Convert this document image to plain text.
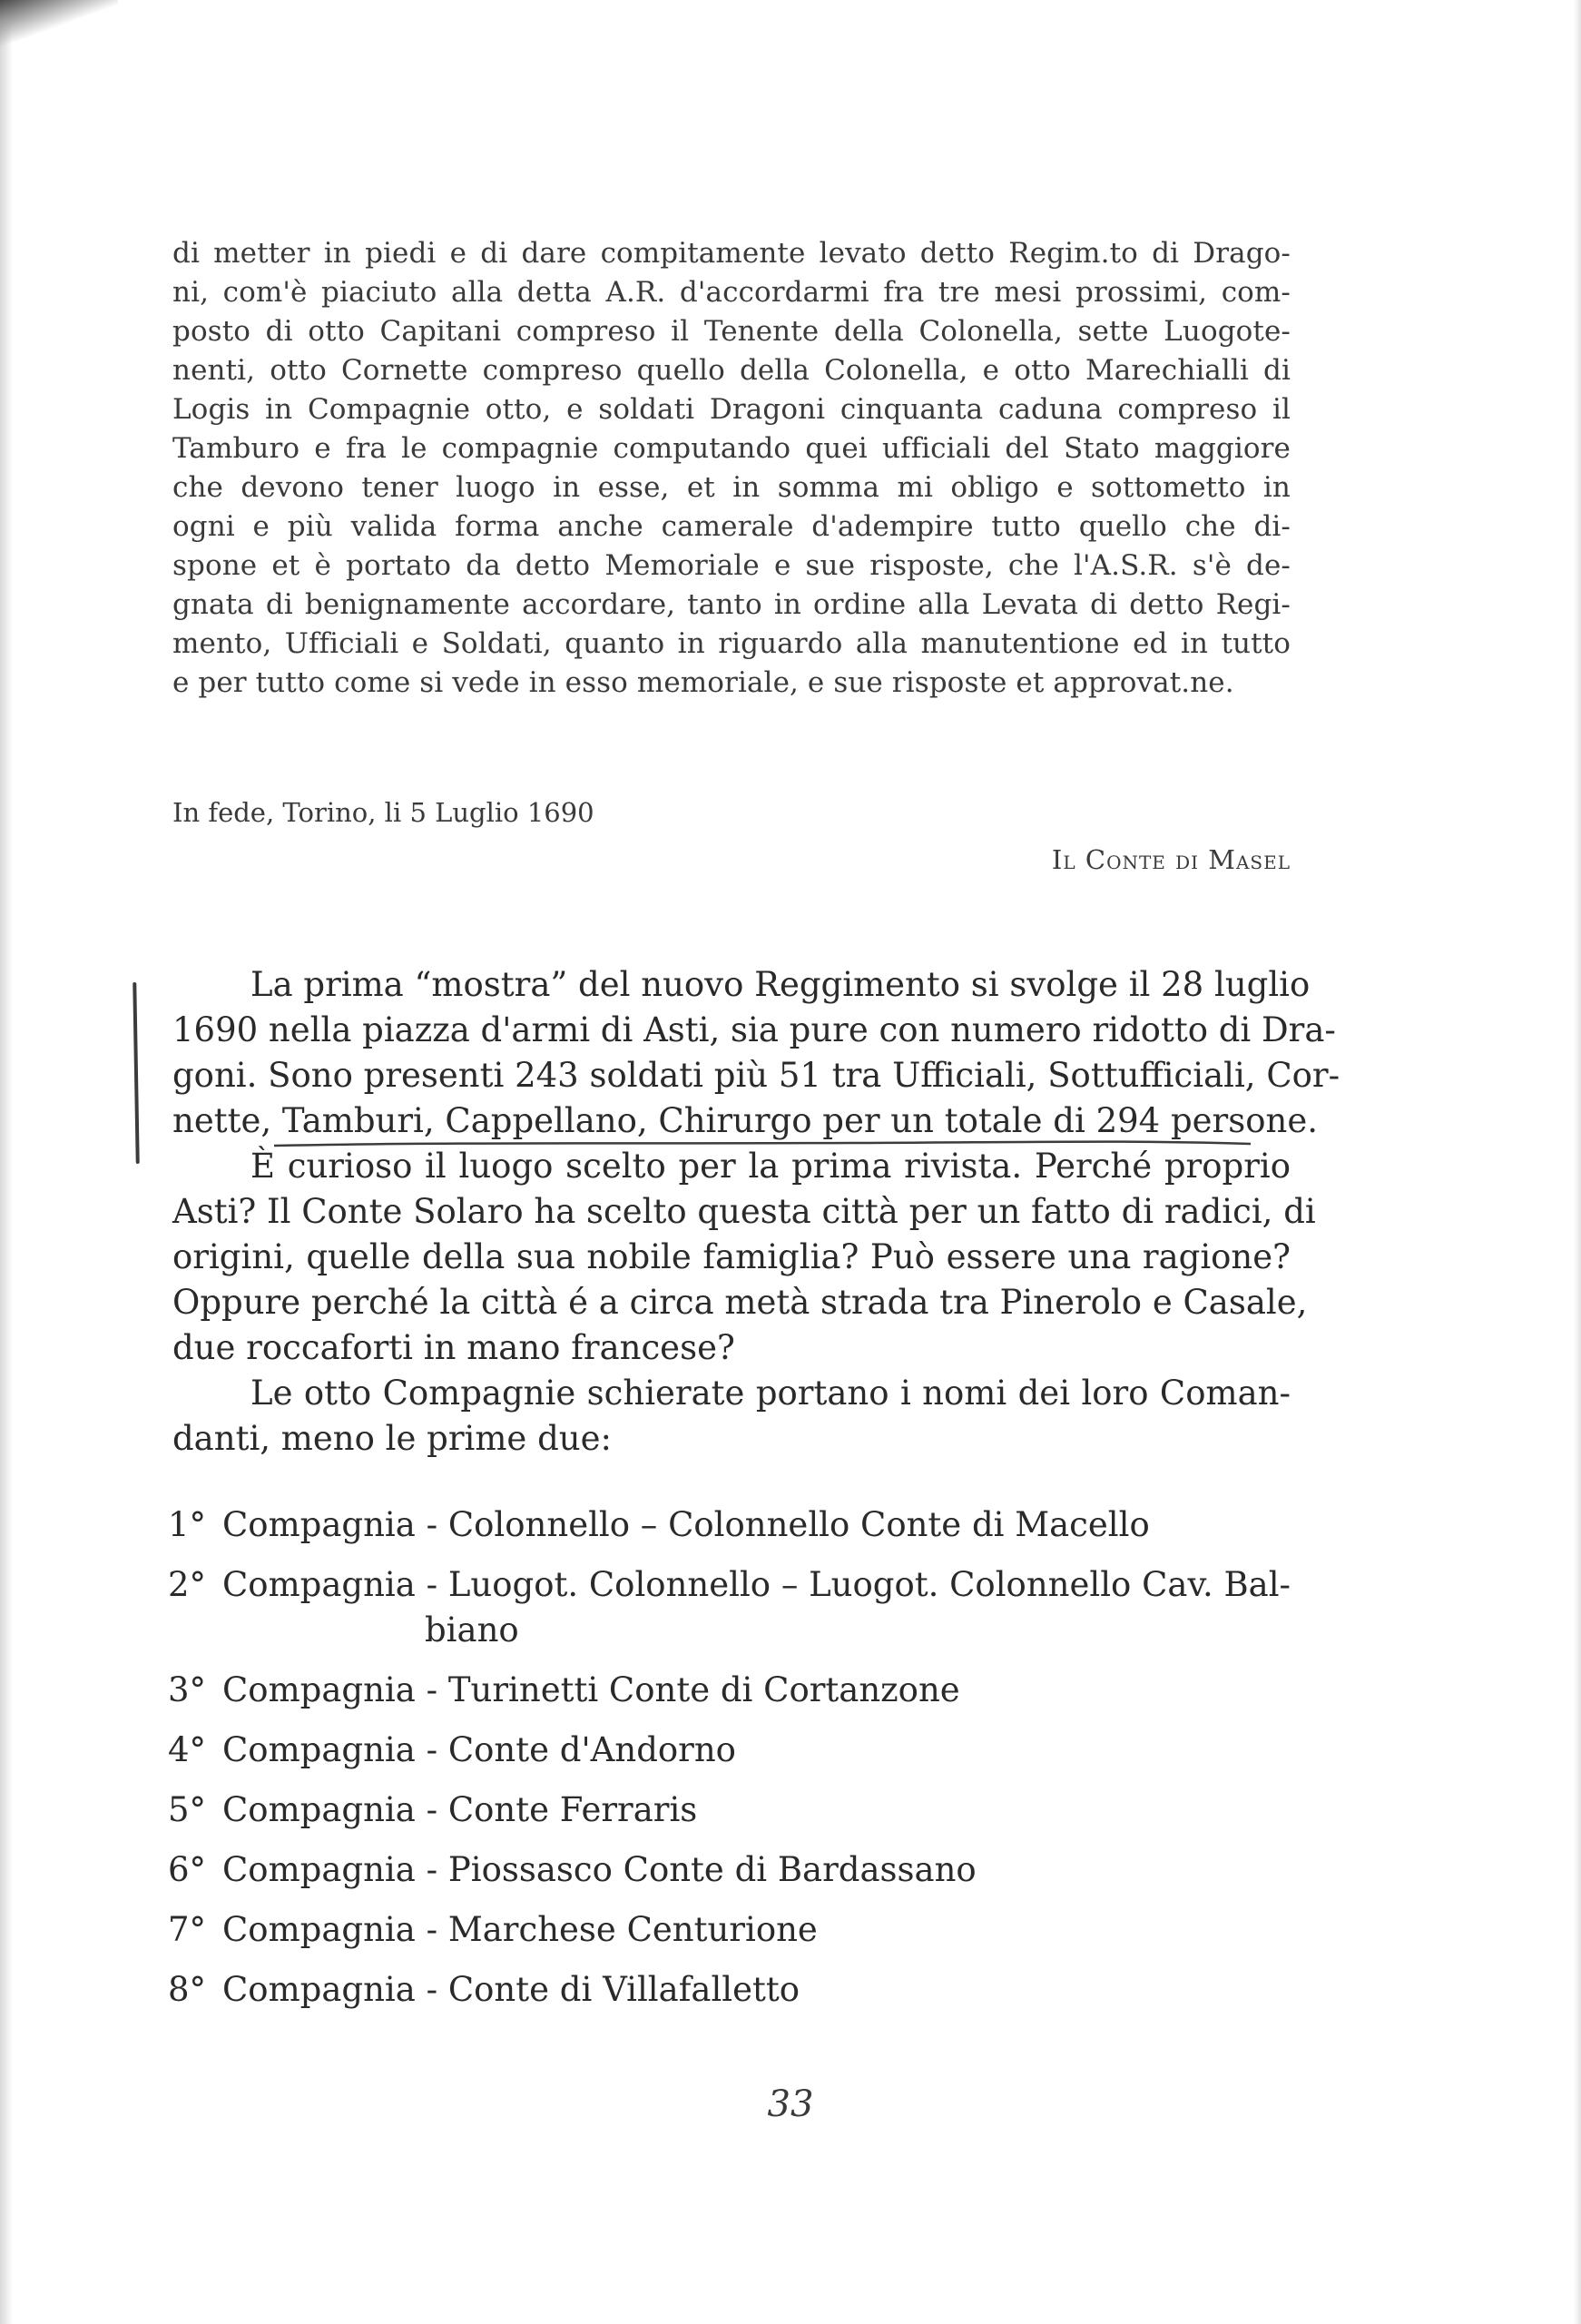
di metter in piedi e di dare compitamente levato detto Regim.to di Drago-
ni, com'è piaciuto alla detta A.R. d'accordarmi fra tre mesi prossimi, com-
posto di otto Capitani compreso il Tenente della Colonella, sette Luogote-
nenti, otto Cornette compreso quello della Colonella, e otto Marechialli di
Logis in Compagnie otto, e soldati Dragoni cinquanta caduna compreso il
Tamburo e fra le compagnie computando quei ufficiali del Stato maggiore
che devono tener luogo in esse, et in somma mi obligo e sottometto in
ogni e più valida forma anche camerale d'adempire tutto quello che di-
spone et è portato da detto Memoriale e sue risposte, che l'A.S.R. s'è de-
gnata di benignamente accordare, tanto in ordine alla Levata di detto Regi-
mento, Ufficiali e Soldati, quanto in riguardo alla manutentione ed in tutto
e per tutto come si vede in esso memoriale, e sue risposte et approvat.ne.
In fede, Torino, li 5 Luglio 1690
Il Conte di Masel
La prima “mostra” del nuovo Reggimento si svolge il 28 luglio
1690 nella piazza d'armi di Asti, sia pure con numero ridotto di Dra-
goni. Sono presenti 243 soldati più 51 tra Ufficiali, Sottufficiali, Cor-
nette, Tamburi, Cappellano, Chirurgo per un totale di 294 persone.
È curioso il luogo scelto per la prima rivista. Perché proprio
Asti? Il Conte Solaro ha scelto questa città per un fatto di radici, di
origini, quelle della sua nobile famiglia? Può essere una ragione?
Oppure perché la città é a circa metà strada tra Pinerolo e Casale,
due roccaforti in mano francese?
Le otto Compagnie schierate portano i nomi dei loro Coman-
danti, meno le prime due:
1° Compagnia - Colonnello – Colonnello Conte di Macello
2° Compagnia - Luogot. Colonnello – Luogot. Colonnello Cav. Bal-
biano
3° Compagnia - Turinetti Conte di Cortanzone
4° Compagnia - Conte d'Andorno
5° Compagnia - Conte Ferraris
6° Compagnia - Piossasco Conte di Bardassano
7° Compagnia - Marchese Centurione
8° Compagnia - Conte di Villafalletto
33
